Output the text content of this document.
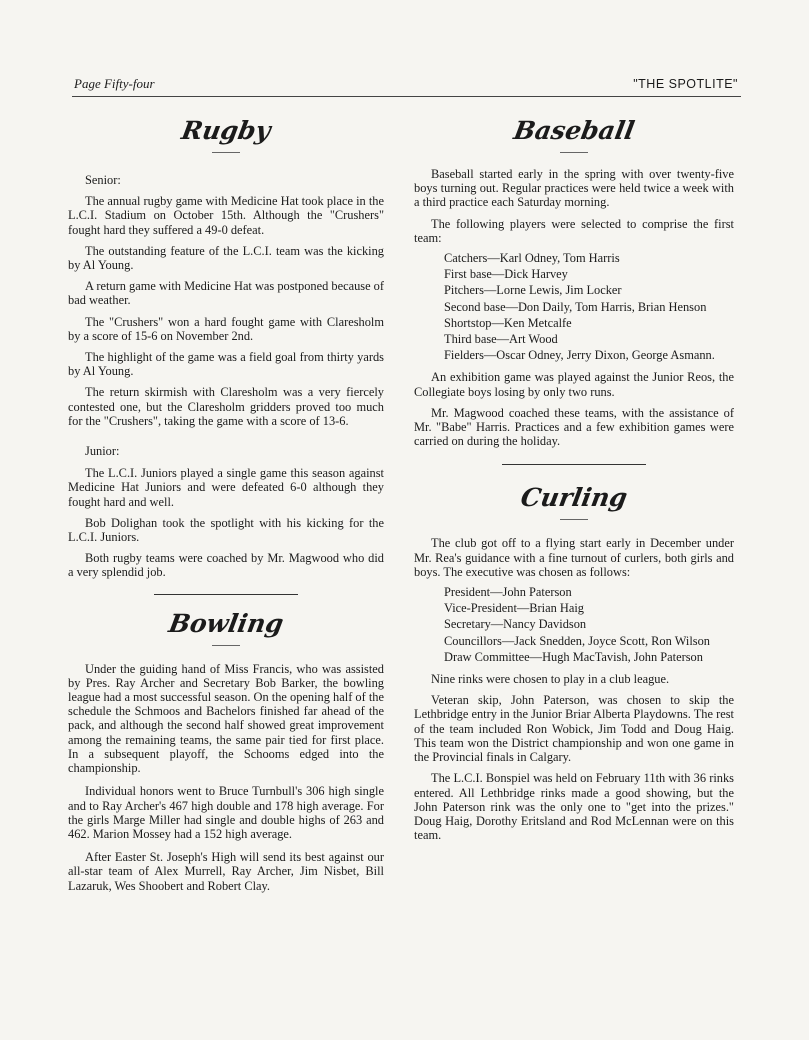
Page Fifty-four	"THE SPOTLITE"
Rugby

Senior:

The annual rugby game with Medicine Hat took place in the L.C.I. Stadium on October 15th. Although the "Crushers" fought hard they suffered a 49-0 defeat.

The outstanding feature of the L.C.I. team was the kicking by Al Young.

A return game with Medicine Hat was postponed because of bad weather.

The "Crushers" won a hard fought game with Claresholm by a score of 15-6 on November 2nd.

The highlight of the game was a field goal from thirty yards by Al Young.

The return skirmish with Claresholm was a very fiercely contested one, but the Claresholm gridders proved too much for the "Crushers", taking the game with a score of 13-6.

Junior:

The L.C.I. Juniors played a single game this season against Medicine Hat Juniors and were defeated 6-0 although they fought hard and well.

Bob Dolighan took the spotlight with his kicking for the L.C.I. Juniors.

Both rugby teams were coached by Mr. Magwood who did a very splendid job.

Bowling

Under the guiding hand of Miss Francis, who was assisted by Pres. Ray Archer and Secretary Bob Barker, the bowling league had a most successful season. On the opening half of the schedule the Schmoos and Bachelors finished far ahead of the pack, and although the second half showed great improvement among the remaining teams, the same pair tied for first place. In a subsequent playoff, the Schooms edged into the championship.

Individual honors went to Bruce Turnbull's 306 high single and to Ray Archer's 467 high double and 178 high average. For the girls Marge Miller had single and double highs of 263 and 462. Marion Mossey had a 152 high average.

After Easter St. Joseph's High will send its best against our all-star team of Alex Murrell, Ray Archer, Jim Nisbet, Bill Lazaruk, Wes Shoobert and Robert Clay.

Baseball

Baseball started early in the spring with over twenty-five boys turning out. Regular practices were held twice a week with a third practice each Saturday morning.

The following players were selected to comprise the first team:

Catchers—Karl Odney, Tom Harris

First base—Dick Harvey

Pitchers—Lorne Lewis, Jim Locker

Second base—Don Daily, Tom Harris, Brian Henson

Shortstop—Ken Metcalfe

Third base—Art Wood

Fielders—Oscar Odney, Jerry Dixon, George Asmann.

An exhibition game was played against the Junior Reos, the Collegiate boys losing by only two runs.

Mr. Magwood coached these teams, with the assistance of Mr. "Babe" Harris. Practices and a few exhibition games were carried on during the holiday.

Curling

The club got off to a flying start early in December under Mr. Rea's guidance with a fine turnout of curlers, both girls and boys. The executive was chosen as follows:

President—John Paterson

Vice-President—Brian Haig

Secretary—Nancy Davidson

Councillors—Jack Snedden, Joyce Scott, Ron Wilson

Draw Committee—Hugh MacTavish, John Paterson

Nine rinks were chosen to play in a club league.

Veteran skip, John Paterson, was chosen to skip the Lethbridge entry in the Junior Briar Alberta Playdowns. The rest of the team included Ron Wobick, Jim Todd and Doug Haig. This team won the District championship and won one game in the Provincial finals in Calgary.

The L.C.I. Bonspiel was held on February 11th with 36 rinks entered. All Lethbridge rinks made a good showing, but the John Paterson rink was the only one to "get into the prizes." Doug Haig, Dorothy Eritsland and Rod McLennan were on this team.
